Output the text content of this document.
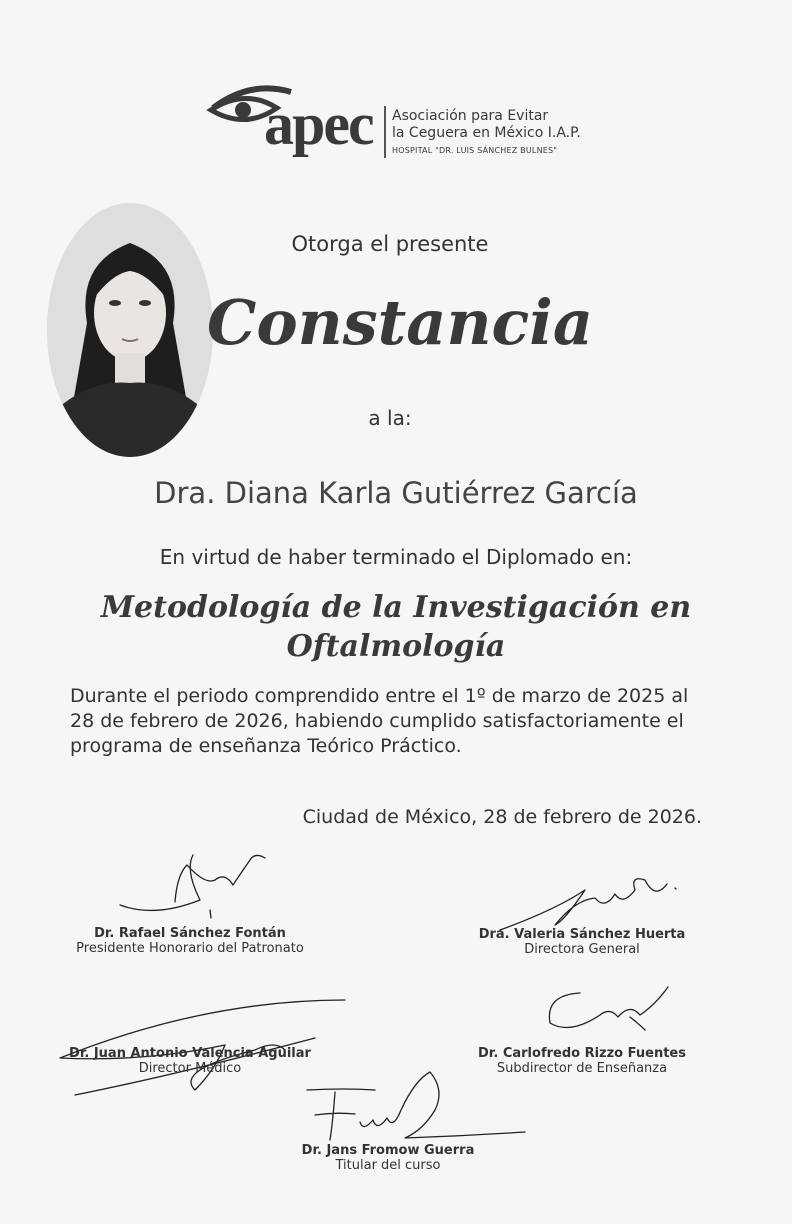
apec Asociación para Evitar
la Ceguera en México I.A.P.
HOSPITAL "DR. LUIS SÁNCHEZ BULNES"
Otorga el presente
Constancia
a la:
Dra. Diana Karla Gutiérrez García
En virtud de haber terminado el Diplomado en:
Metodología de la Investigación en
Oftalmología
Durante el periodo comprendido entre el 1º de marzo de 2025 al
28 de febrero de 2026, habiendo cumplido satisfactoriamente el
programa de enseñanza Teórico Práctico.
Ciudad de México, 28 de febrero de 2026.
Dr. Rafael Sánchez Fontán
Presidente Honorario del Patronato
Dra. Valeria Sánchez Huerta
Directora General
Dr. Juan Antonio Valencia Aguilar
Director Médico
Dr. Carlofredo Rizzo Fuentes
Subdirector de Enseñanza
Dr. Jans Fromow Guerra
Titular del curso
